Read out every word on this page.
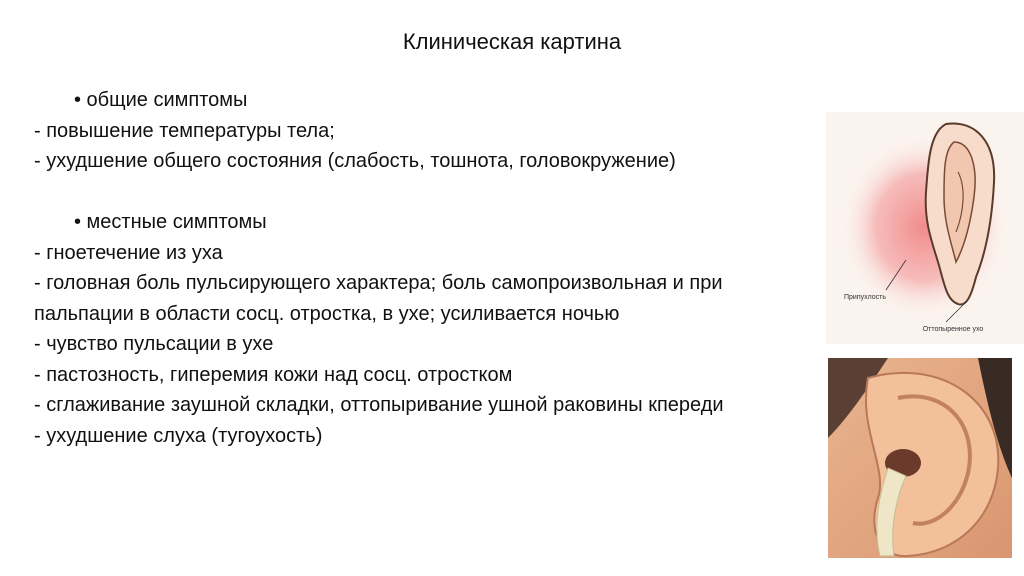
Клиническая картина
• общие симптомы
- повышение температуры тела;
- ухудшение общего состояния (слабость, тошнота, головокружение)
• местные симптомы
- гноетечение из уха
- головная боль пульсирующего характера; боль самопроизвольная и при пальпации в области сосц. отростка, в ухе; усиливается ночью
- чувство пульсации в ухе
- пастозность, гиперемия кожи над сосц. отростком
- сглаживание заушной складки, оттопыривание ушной раковины кпереди
- ухудшение слуха (тугоухость)
Припухлость
Оттопыренное ухо
